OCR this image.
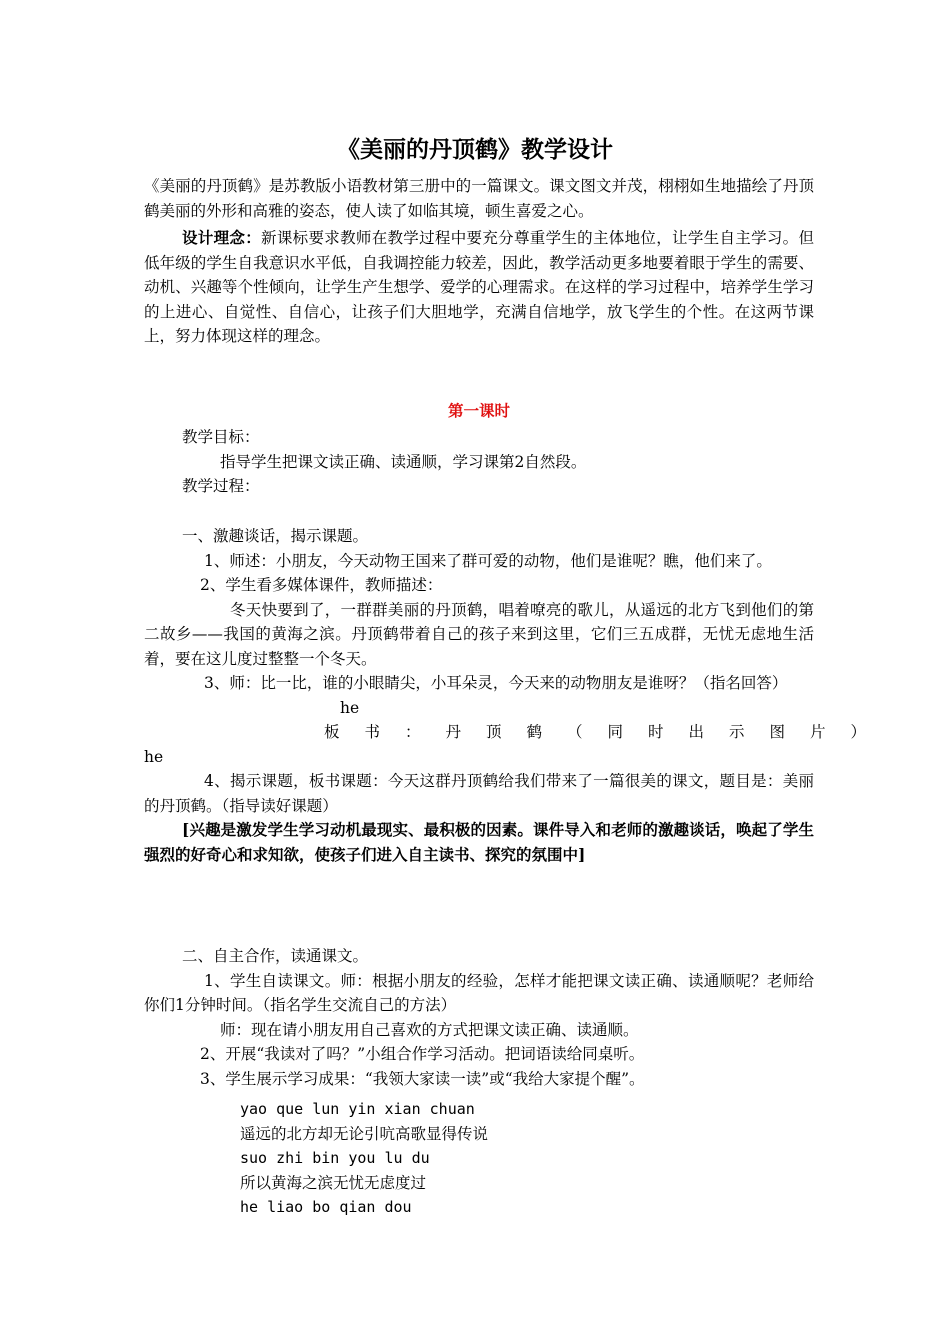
《美丽的丹顶鹤》教学设计

《美丽的丹顶鹤》是苏教版小语教材第三册中的一篇课文。课文图文并茂，栩栩如生地描绘了丹顶鹤美丽的外形和高雅的姿态，使人读了如临其境，顿生喜爱之心。

设计理念：新课标要求教师在教学过程中要充分尊重学生的主体地位，让学生自主学习。但低年级的学生自我意识水平低，自我调控能力较差，因此，教学活动更多地要着眼于学生的需要、动机、兴趣等个性倾向，让学生产生想学、爱学的心理需求。在这样的学习过程中，培养学生学习的上进心、自觉性、自信心，让孩子们大胆地学，充满自信地学，放飞学生的个性。在这两节课上，努力体现这样的理念。

第一课时

教学目标：

指导学生把课文读正确、读通顺，学习课第2自然段。

教学过程：

一、激趣谈话，揭示课题。

1、师述：小朋友，今天动物王国来了群可爱的动物，他们是谁呢？瞧，他们来了。

2、学生看多媒体课件，教师描述：

冬天快要到了，一群群美丽的丹顶鹤，唱着嘹亮的歌儿，从遥远的北方飞到他们的第二故乡——我国的黄海之滨。丹顶鹤带着自己的孩子来到这里，它们三五成群，无忧无虑地生活着，要在这儿度过整整一个冬天。

3、师：比一比，谁的小眼睛尖，小耳朵灵，今天来的动物朋友是谁呀？（指名回答）

he

板书：丹顶鹤（同时出示图片）

he

4、揭示课题，板书课题：今天这群丹顶鹤给我们带来了一篇很美的课文，题目是：美丽的丹顶鹤。（指导读好课题）

[兴趣是激发学生学习动机最现实、最积极的因素。课件导入和老师的激趣谈话，唤起了学生强烈的好奇心和求知欲，使孩子们进入自主读书、探究的氛围中]

二、自主合作，读通课文。

1、学生自读课文。师：根据小朋友的经验，怎样才能把课文读正确、读通顺呢？老师给你们1分钟时间。（指名学生交流自己的方法）

师：现在请小朋友用自己喜欢的方式把课文读正确、读通顺。

2、开展“我读对了吗？”小组合作学习活动。把词语读给同桌听。

3、学生展示学习成果：“我领大家读一读”或“我给大家提个醒”。

yao que lun yin xian chuan

遥远的北方却无论引吭高歌显得传说

suo zhi bin you lu du

所以黄海之滨无忧无虑度过

he liao bo qian dou
